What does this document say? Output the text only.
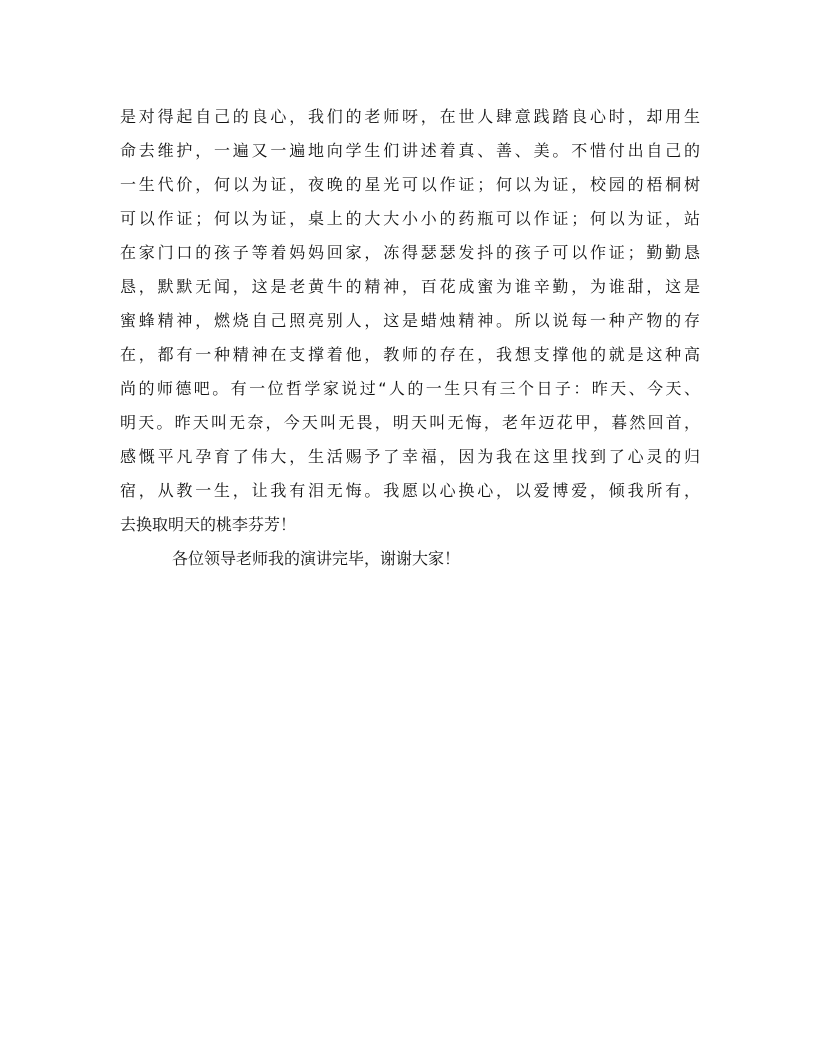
是对得起自己的良心，我们的老师呀，在世人肆意践踏良心时，却用生
命去维护，一遍又一遍地向学生们讲述着真、善、美。不惜付出自己的
一生代价，何以为证，夜晚的星光可以作证；何以为证，校园的梧桐树
可以作证；何以为证，桌上的大大小小的药瓶可以作证；何以为证，站
在家门口的孩子等着妈妈回家，冻得瑟瑟发抖的孩子可以作证；勤勤恳
恳，默默无闻，这是老黄牛的精神，百花成蜜为谁辛勤，为谁甜，这是
蜜蜂精神，燃烧自己照亮别人，这是蜡烛精神。所以说每一种产物的存
在，都有一种精神在支撑着他，教师的存在，我想支撑他的就是这种高
尚的师德吧。有一位哲学家说过“人的一生只有三个日子：昨天、今天、
明天。昨天叫无奈，今天叫无畏，明天叫无悔，老年迈花甲，暮然回首，
感慨平凡孕育了伟大，生活赐予了幸福，因为我在这里找到了心灵的归
宿，从教一生，让我有泪无悔。我愿以心换心，以爱博爱，倾我所有，
去换取明天的桃李芬芳！
各位领导老师我的演讲完毕，谢谢大家！
